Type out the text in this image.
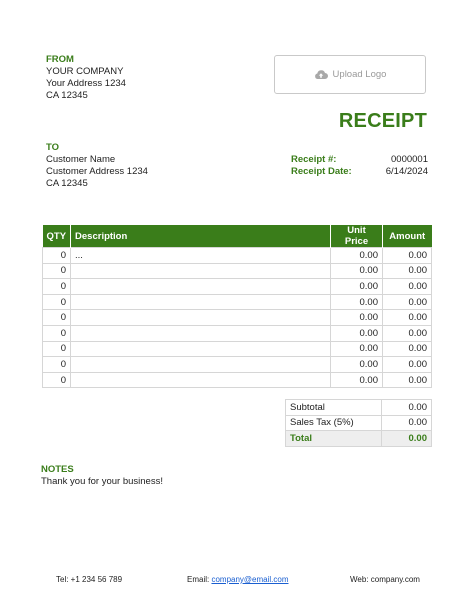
FROM
YOUR COMPANY
Your Address 1234
CA 12345
Upload Logo
RECEIPT
TO
Customer Name
Customer Address 1234
CA 12345
Receipt #:	0000001
Receipt Date:	6/14/2024
QTY	Description	Unit Price	Amount
0	...	0.00	0.00
0		0.00	0.00
0		0.00	0.00
0		0.00	0.00
0		0.00	0.00
0		0.00	0.00
0		0.00	0.00
0		0.00	0.00
0		0.00	0.00
Subtotal	0.00
Sales Tax (5%)	0.00
Total	0.00
NOTES
Thank you for your business!
Tel: +1 234 56 789	Email: company@email.com	Web: company.com
